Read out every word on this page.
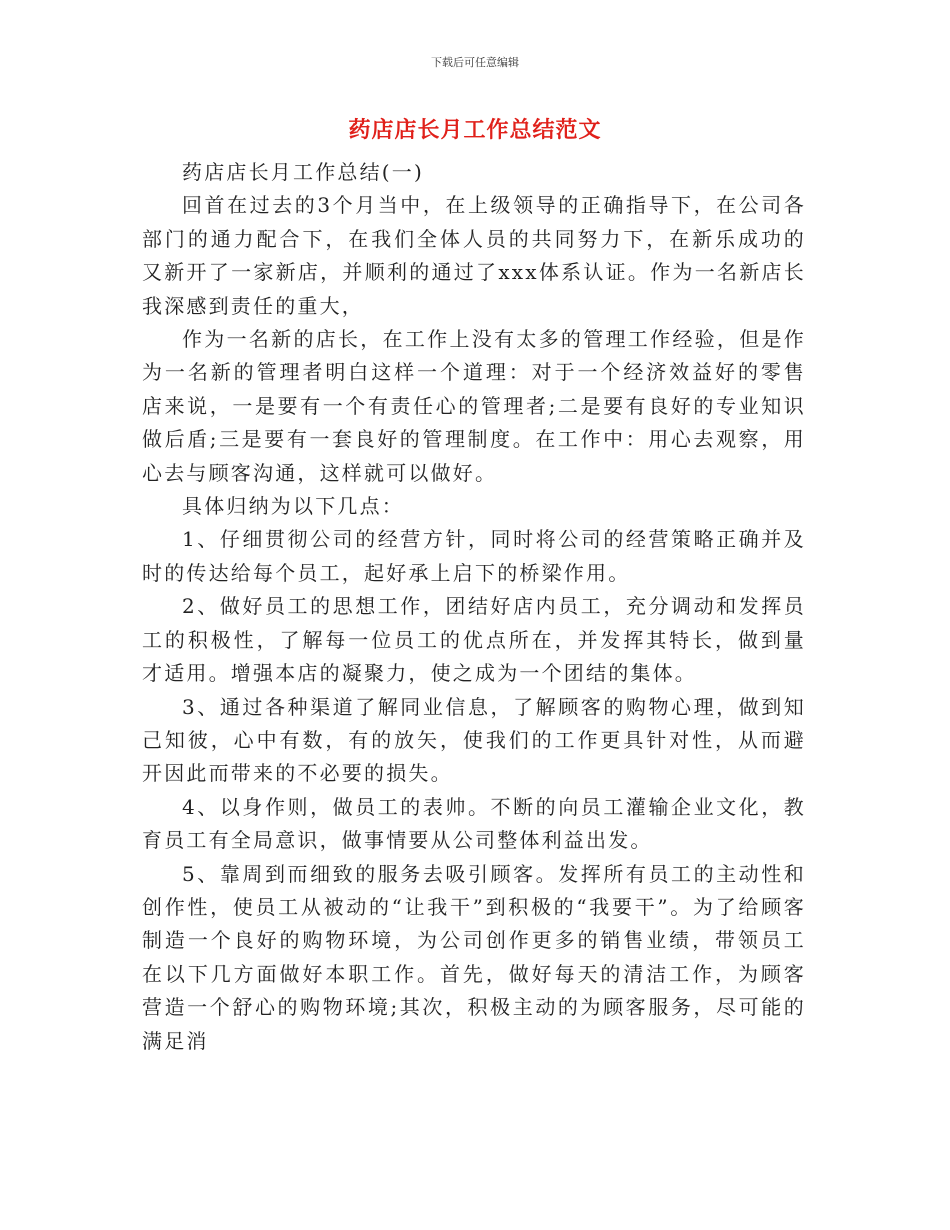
下载后可任意编辑
药店店长月工作总结范文

药店店长月工作总结(一)

回首在过去的3个月当中，在上级领导的正确指导下，在公司各部门的通力配合下，在我们全体人员的共同努力下，在新乐成功的又新开了一家新店，并顺利的通过了xxx体系认证。作为一名新店长我深感到责任的重大，

作为一名新的店长，在工作上没有太多的管理工作经验，但是作为一名新的管理者明白这样一个道理：对于一个经济效益好的零售店来说，一是要有一个有责任心的管理者;二是要有良好的专业知识做后盾;三是要有一套良好的管理制度。在工作中：用心去观察，用心去与顾客沟通，这样就可以做好。

具体归纳为以下几点：

1、仔细贯彻公司的经营方针，同时将公司的经营策略正确并及时的传达给每个员工，起好承上启下的桥梁作用。

2、做好员工的思想工作，团结好店内员工，充分调动和发挥员工的积极性，了解每一位员工的优点所在，并发挥其特长，做到量才适用。增强本店的凝聚力，使之成为一个团结的集体。

3、通过各种渠道了解同业信息，了解顾客的购物心理，做到知己知彼，心中有数，有的放矢，使我们的工作更具针对性，从而避开因此而带来的不必要的损失。

4、以身作则，做员工的表帅。不断的向员工灌输企业文化，教育员工有全局意识，做事情要从公司整体利益出发。

5、靠周到而细致的服务去吸引顾客。发挥所有员工的主动性和创作性，使员工从被动的“让我干”到积极的“我要干”。为了给顾客制造一个良好的购物环境，为公司创作更多的销售业绩，带领员工在以下几方面做好本职工作。首先，做好每天的清洁工作，为顾客营造一个舒心的购物环境;其次，积极主动的为顾客服务，尽可能的满足消
